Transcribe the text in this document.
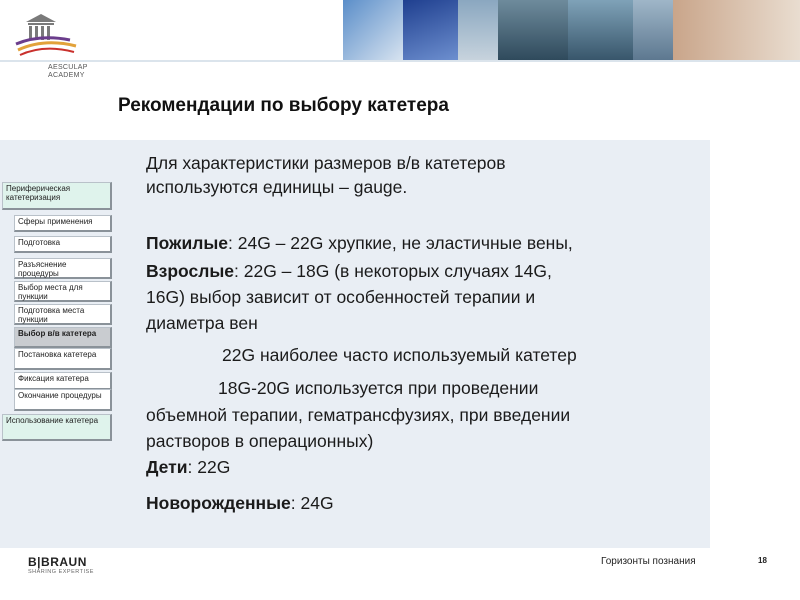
AESCULAP
ACADEMY
Рекомендации по выбору катетера
Периферическая катетеризация
Сферы применения
Подготовка
Разъяснение процедуры
Выбор места для пункции
Подготовка места пункции
Выбор в/в катетера
Постановка катетера
Фиксация катетера
Окончание процедуры
Использование катетера

Для характеристики размеров в/в катетеров

используются единицы – gauge.

Пожилые: 24G – 22G хрупкие, не эластичные вены,

Взрослые: 22G – 18G (в некоторых случаях 14G,

16G) выбор зависит от особенностей терапии и

диаметра вен

22G наиболее часто используемый катетер

18G-20G используется при проведении

объемной терапии, гематрансфузиях, при введении

растворов в операционных)

Дети: 22G

Новорожденные: 24G

B|BRAUN
SHARING EXPERTISE
Горизонты познания	18
